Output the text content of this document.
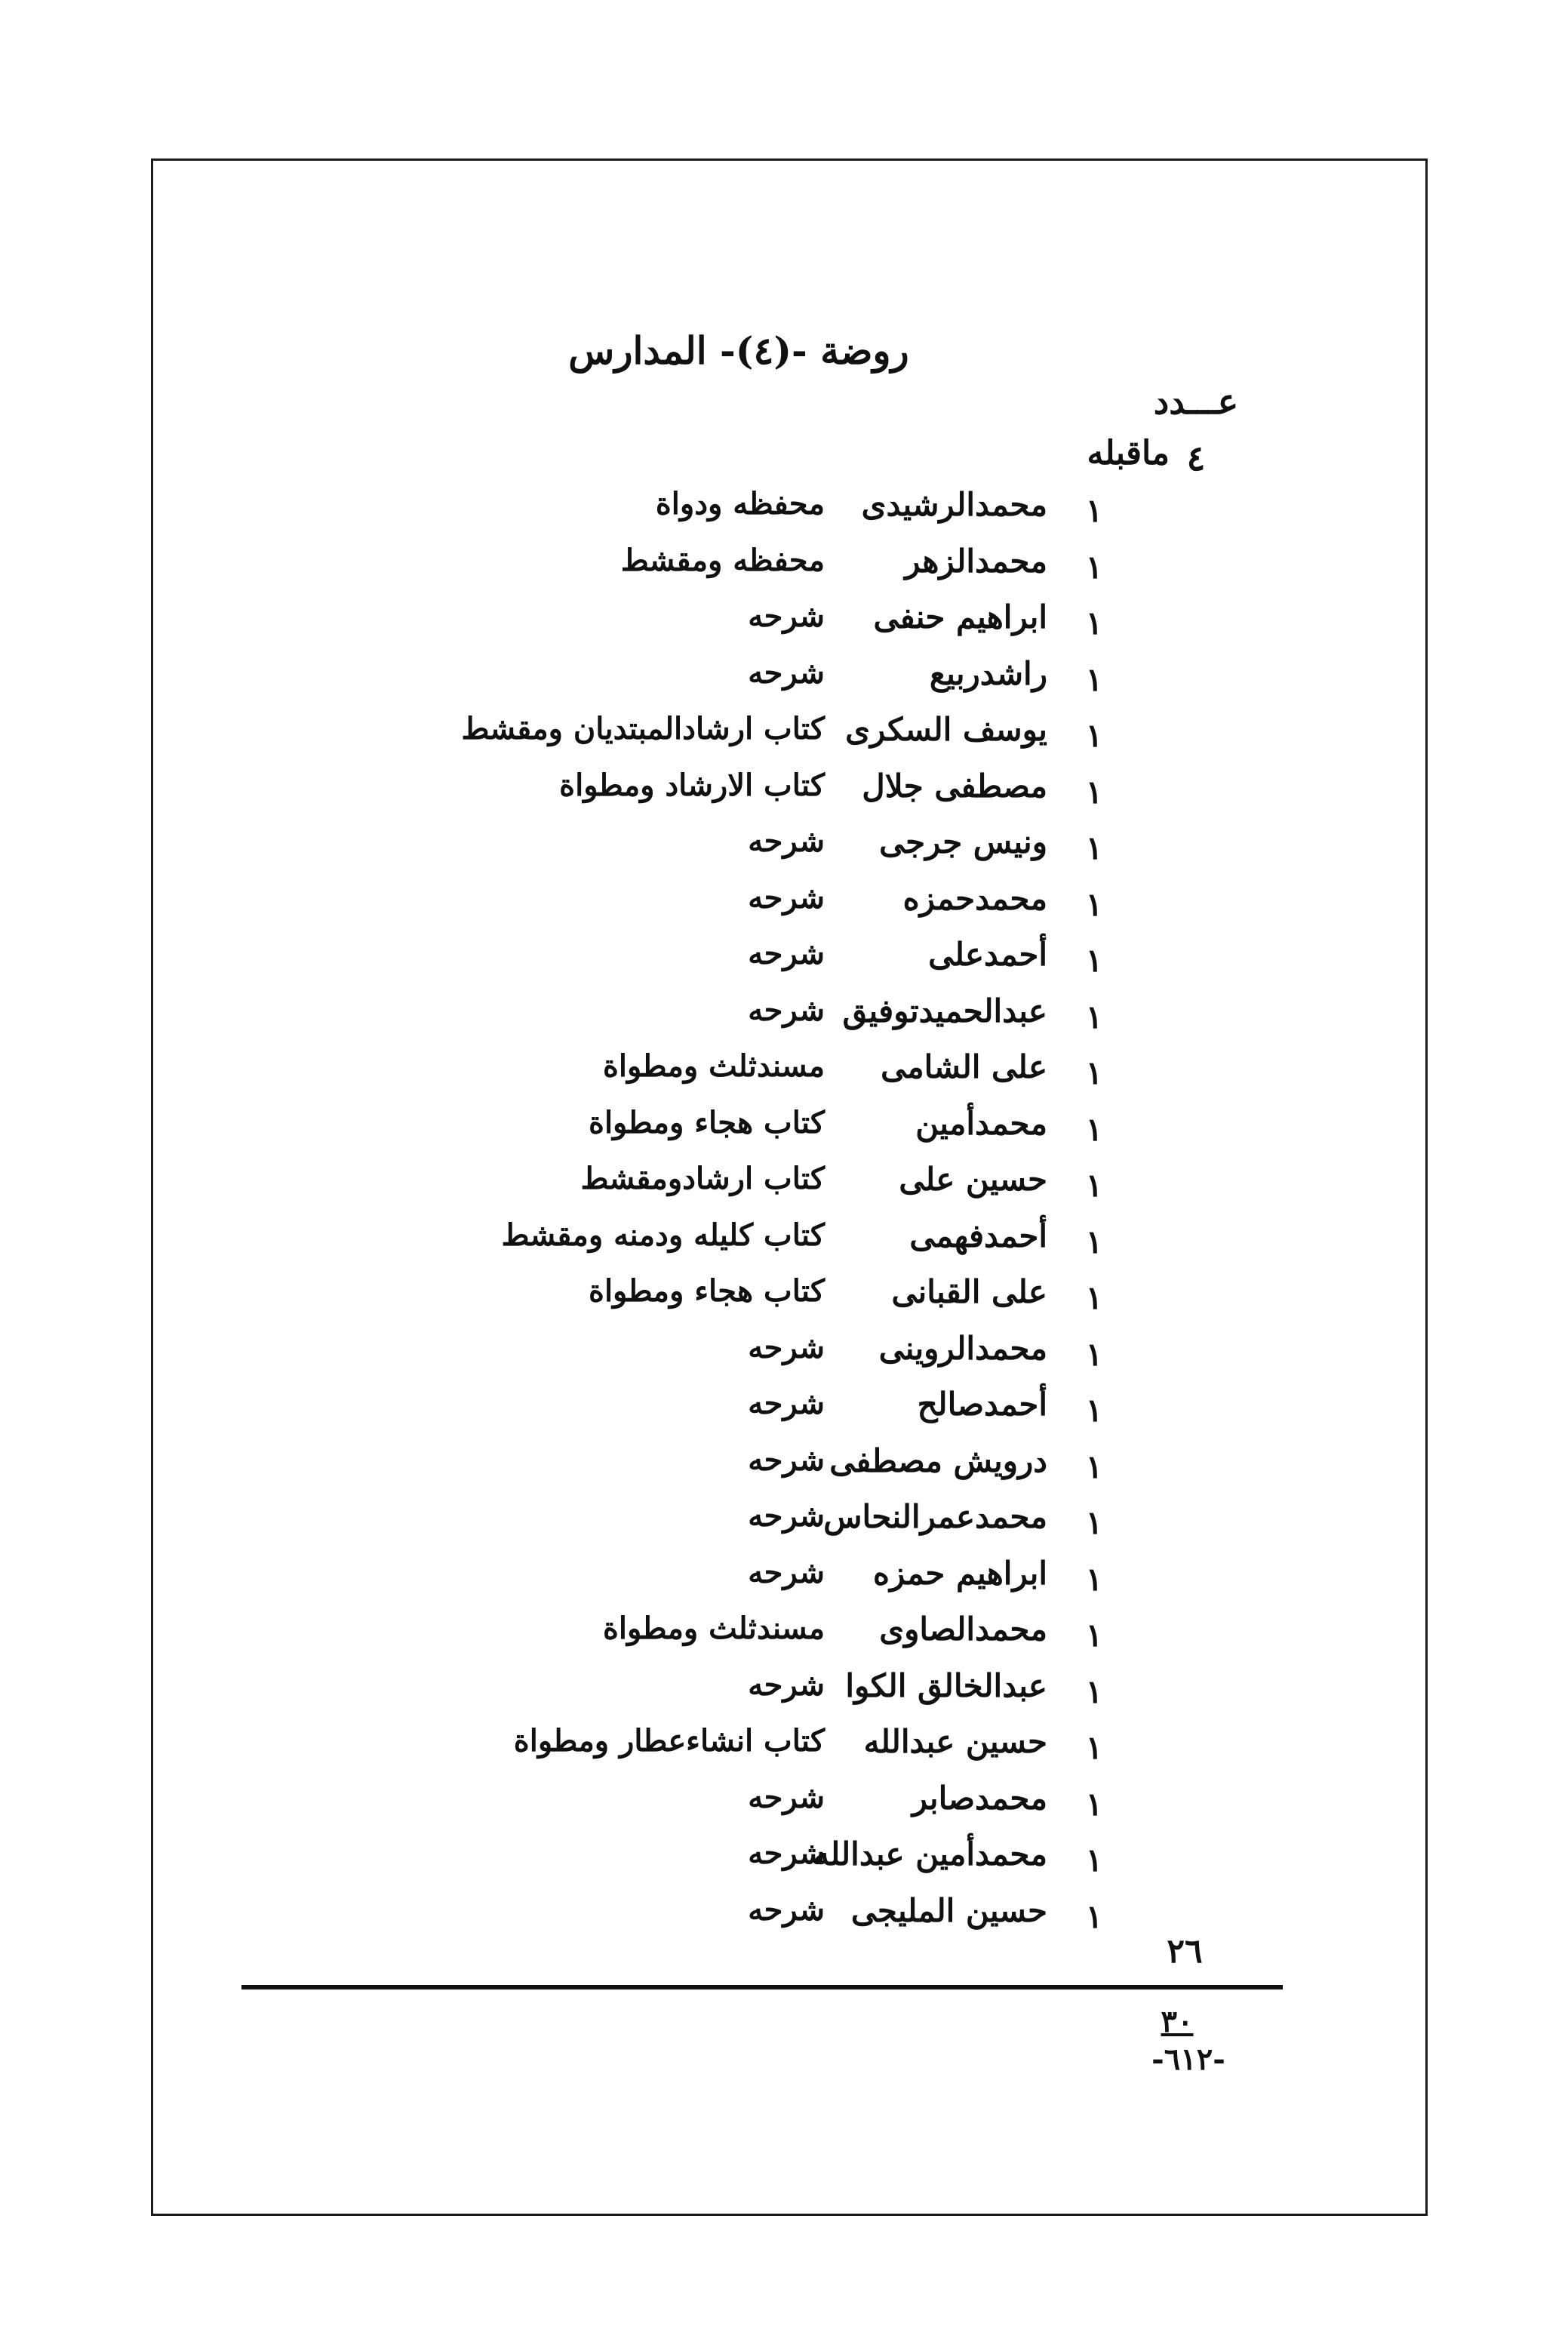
روضة -(٤)- المدارس
عـــدد
٤
ماقبله
١
محمدالرشيدى
محفظه ودواة
١
محمدالزهر
محفظه ومقشط
١
ابراهيم حنفى
شرحه
١
راشدربيع
شرحه
١
يوسف السكرى
كتاب ارشادالمبتديان ومقشط
١
مصطفى جلال
كتاب الارشاد ومطواة
١
ونيس جرجى
شرحه
١
محمدحمزه
شرحه
١
أحمدعلى
شرحه
١
عبدالحميدتوفيق
شرحه
١
على الشامى
مسندثلث ومطواة
١
محمدأمين
كتاب هجاء ومطواة
١
حسين على
كتاب ارشادومقشط
١
أحمدفهمى
كتاب كليله ودمنه ومقشط
١
على القبانى
كتاب هجاء ومطواة
١
محمدالروينى
شرحه
١
أحمدصالح
شرحه
١
درويش مصطفى
شرحه
١
محمدعمرالنحاس
شرحه
١
ابراهيم حمزه
شرحه
١
محمدالصاوى
مسندثلث ومطواة
١
عبدالخالق الكوا
شرحه
١
حسين عبدالله
كتاب انشاءعطار ومطواة
١
محمدصابر
شرحه
١
محمدأمين عبدالله
شرحه
١
حسين المليجى
شرحه
٢٦
٣٠
-٦١٢-
